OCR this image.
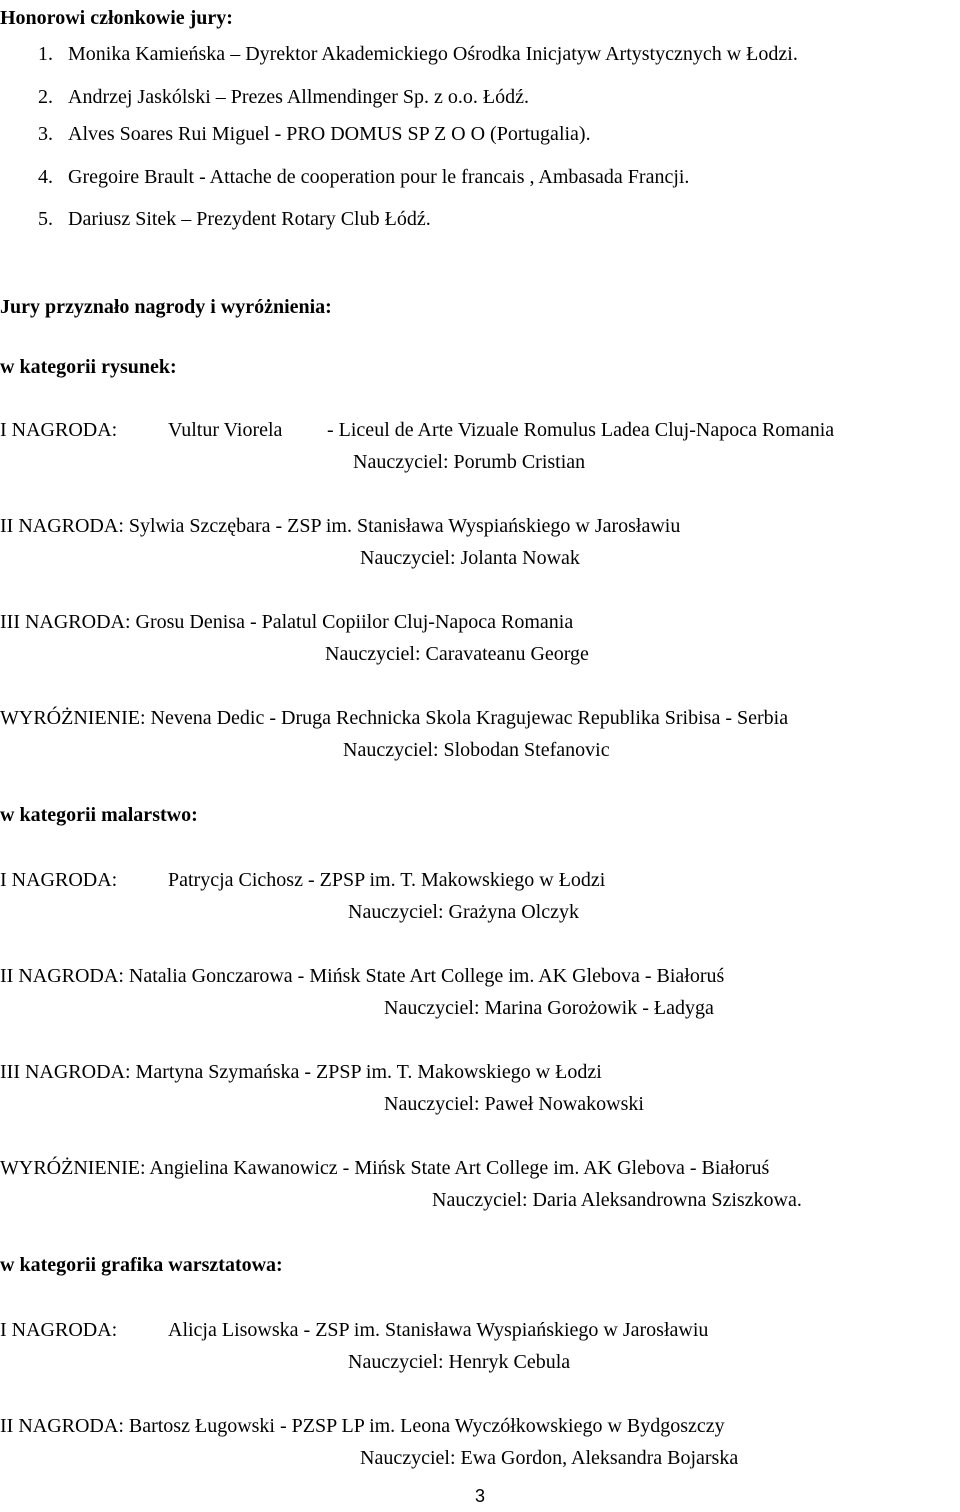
Honorowi członkowie jury:
1. Monika Kamieńska – Dyrektor Akademickiego Ośrodka Inicjatyw Artystycznych w Łodzi.
2. Andrzej Jaskólski – Prezes Allmendinger Sp. z o.o. Łódź.
3. Alves Soares Rui Miguel - PRO DOMUS SP Z O O (Portugalia).
4. Gregoire Brault - Attache de cooperation pour le francais , Ambasada Francji.
5. Dariusz Sitek – Prezydent Rotary Club Łódź.
Jury przyznało nagrody i wyróżnienia:
w kategorii rysunek:
I NAGRODA:	Vultur Viorela - Liceul de Arte Vizuale Romulus Ladea Cluj-Napoca Romania
Nauczyciel: Porumb Cristian
II NAGRODA: Sylwia Szczębara - ZSP im. Stanisława Wyspiańskiego w Jarosławiu
Nauczyciel: Jolanta Nowak
III NAGRODA: Grosu Denisa - Palatul Copiilor Cluj-Napoca Romania
Nauczyciel: Caravateanu George
WYRÓŻNIENIE: Nevena Dedic - Druga Rechnicka Skola Kragujewac Republika Sribisa - Serbia
Nauczyciel: Slobodan Stefanovic
w kategorii malarstwo:
I NAGRODA:	Patrycja Cichosz - ZPSP im. T. Makowskiego w Łodzi
Nauczyciel: Grażyna Olczyk
II NAGRODA: Natalia Gonczarowa - Mińsk State Art College im. AK Glebova - Białoruś
Nauczyciel: Marina Gorożowik - Ładyga
III NAGRODA: Martyna Szymańska - ZPSP im. T. Makowskiego w Łodzi
Nauczyciel: Paweł Nowakowski
WYRÓŻNIENIE: Angielina Kawanowicz - Mińsk State Art College im. AK Glebova - Białoruś
Nauczyciel: Daria Aleksandrowna Sziszkowa.
w kategorii grafika warsztatowa:
I NAGRODA:	Alicja Lisowska - ZSP im. Stanisława Wyspiańskiego w Jarosławiu
Nauczyciel: Henryk Cebula
II NAGRODA: Bartosz Ługowski - PZSP LP im. Leona Wyczółkowskiego w Bydgoszczy
Nauczyciel: Ewa Gordon, Aleksandra Bojarska
3
